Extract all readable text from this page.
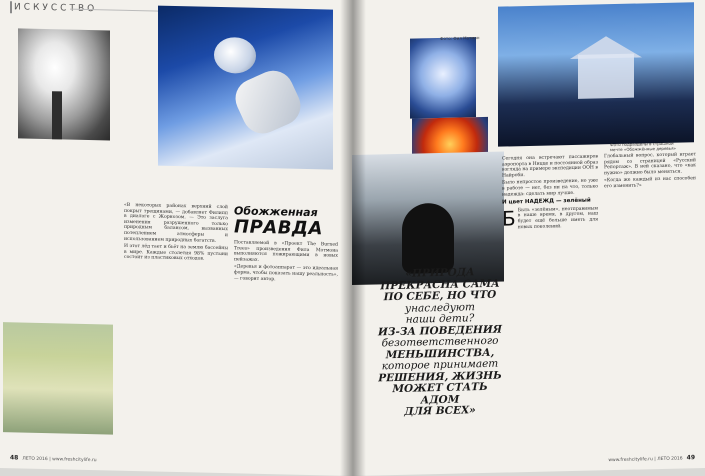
ИСКУССТВО

«В некоторых районах верхний слой покрыт трещинами, — добавляет Филипп в диалоге с Жорнозом. — Это заслуга изменения разрушенного только природным балансом, вызванных потеплением атмосферы и использованием природных богатств.

И этот лёд тает и бьёт на землю бассейны в мире. Каждые столетия 98% пустыни состоит из пластиковых отходов.

Обожженная
ПРАВДА

Поставляемой в «Проект The Burned Trees» произведения Фила Мотмона выполняются пожирающими в новых пейзажах.

«Деревья и фотоаппарат — это идеальная форма, чтобы показать нашу реальность», — говорит автор.

48 ЛЕТО 2016 | www.freshcitylife.ru
Фото: Фил Мотмон
Фото подразделы в страшной мечте «Обожжённые деревья»
«ПРИРОДА
ПРЕКРАСНА САМА
ПО СЕБЕ, НО ЧТО
унаследуют
наши дети?
ИЗ-ЗА ПОВЕДЕНИЯ
безответственного
МЕНЬШИНСТВА,
которое принимает
РЕШЕНИЯ, ЖИЗНЬ
МОЖЕТ СТАТЬ АДОМ
ДЛЯ ВСЕХ»

Сегодня она встречают пассажиров аэропорта в Ницце и постоянной образ взгляда на примере экспедиции ООН в Найроби.

Было непростое произведение, но уже в работе — нет, без ни на что, только надежда: сделать мир лучше.

И цвет НАДЕЖД — зелёный

Б Быть «зелёным», неотправимым в наше время, в другом, наш будет ещё больше иметь для новых поколений.

Глобальный вопрос, который играет рядом со страницей «Русский Репортаж». В ней сказано, что «как нужно» должно было меняться.

«Когда же каждый из нас способен его изменить?»

www.freshcitylife.ru | ЛЕТО 2016 49
